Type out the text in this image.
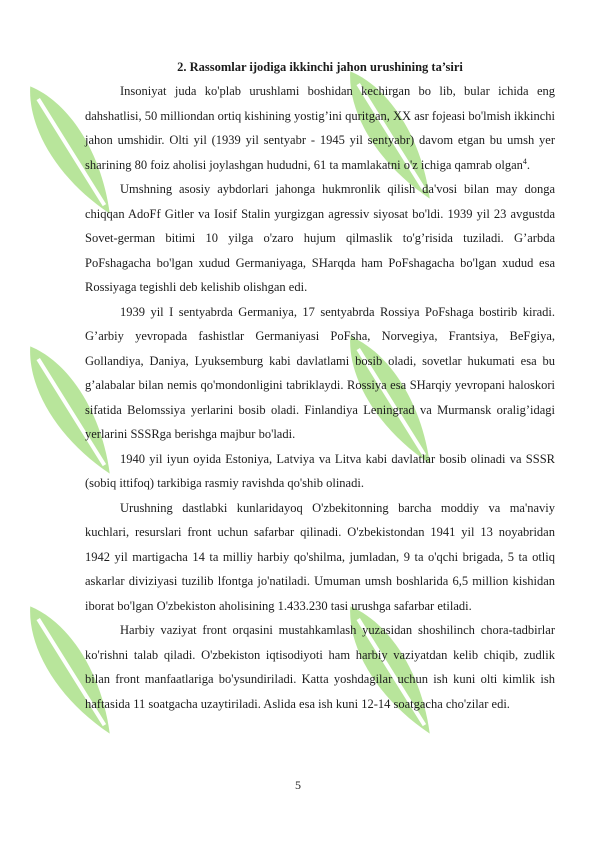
2. Rassomlar ijodiga ikkinchi jahon urushining ta’siri

Insoniyat juda ko'plab urushlami boshidan kechirgan bo lib, bular ichida eng dahshatlisi, 50 milliondan ortiq kishining yostig’ini quritgan, XX asr fojeasi bo'lmish ikkinchi jahon umshidir. Olti yil (1939 yil sentyabr - 1945 yil sentyabr) davom etgan bu umsh yer sharining 80 foiz aholisi joylashgan hududni, 61 ta mamlakatni o'z ichiga qamrab olgan$^4$.

Umshning asosiy aybdorlari jahonga hukmronlik qilish da'vosi bilan may donga chiqqan AdoFf Gitler va Iosif Stalin yurgizgan agressiv siyosat bo'ldi. 1939 yil 23 avgustda Sovet-german bitimi 10 yilga o'zaro hujum qilmaslik to'g’risida tuziladi. G’arbda PoFshagacha bo'lgan xudud Germaniyaga, SHarqda ham PoFshagacha bo'lgan xudud esa Rossiyaga tegishli deb kelishib olishgan edi.

1939 yil I sentyabrda Germaniya, 17 sentyabrda Rossiya PoFshaga bostirib kiradi. G’arbiy yevropada fashistlar Germaniyasi PoFsha, Norvegiya, Frantsiya, BeFgiya, Gollandiya, Daniya, Lyuksemburg kabi davlatlami bosib oladi, sovetlar hukumati esa bu g’alabalar bilan nemis qo'mondonligini tabriklaydi. Rossiya esa SHarqiy yevropani haloskori sifatida Belomssiya yerlarini bosib oladi. Finlandiya Leningrad va Murmansk oralig’idagi yerlarini SSSRga berishga majbur bo'ladi.

1940 yil iyun oyida Estoniya, Latviya va Litva kabi davlatlar bosib olinadi va SSSR (sobiq ittifoq) tarkibiga rasmiy ravishda qo'shib olinadi.

Urushning dastlabki kunlaridayoq O'zbekitonning barcha moddiy va ma'naviy kuchlari, resurslari front uchun safarbar qilinadi. O'zbekistondan 1941 yil 13 noyabridan 1942 yil martigacha 14 ta milliy harbiy qo'shilma, jumladan, 9 ta o'qchi brigada, 5 ta otliq askarlar diviziyasi tuzilib lfontga jo'natiladi. Umuman umsh boshlarida 6,5 million kishidan iborat bo'lgan O'zbekiston aholisining 1.433.230 tasi urushga safarbar etiladi.

Harbiy vaziyat front orqasini mustahkamlash yuzasidan shoshilinch chora-tadbirlar ko'rishni talab qiladi. O'zbekiston iqtisodiyoti ham harbiy vaziyatdan kelib chiqib, zudlik bilan front manfaatlariga bo'ysundiriladi. Katta yoshdagilar uchun ish kuni olti kimlik ish haftasida 11 soatgacha uzaytiriladi. Aslida esa ish kuni 12-14 soatgacha cho'zilar edi.

5
